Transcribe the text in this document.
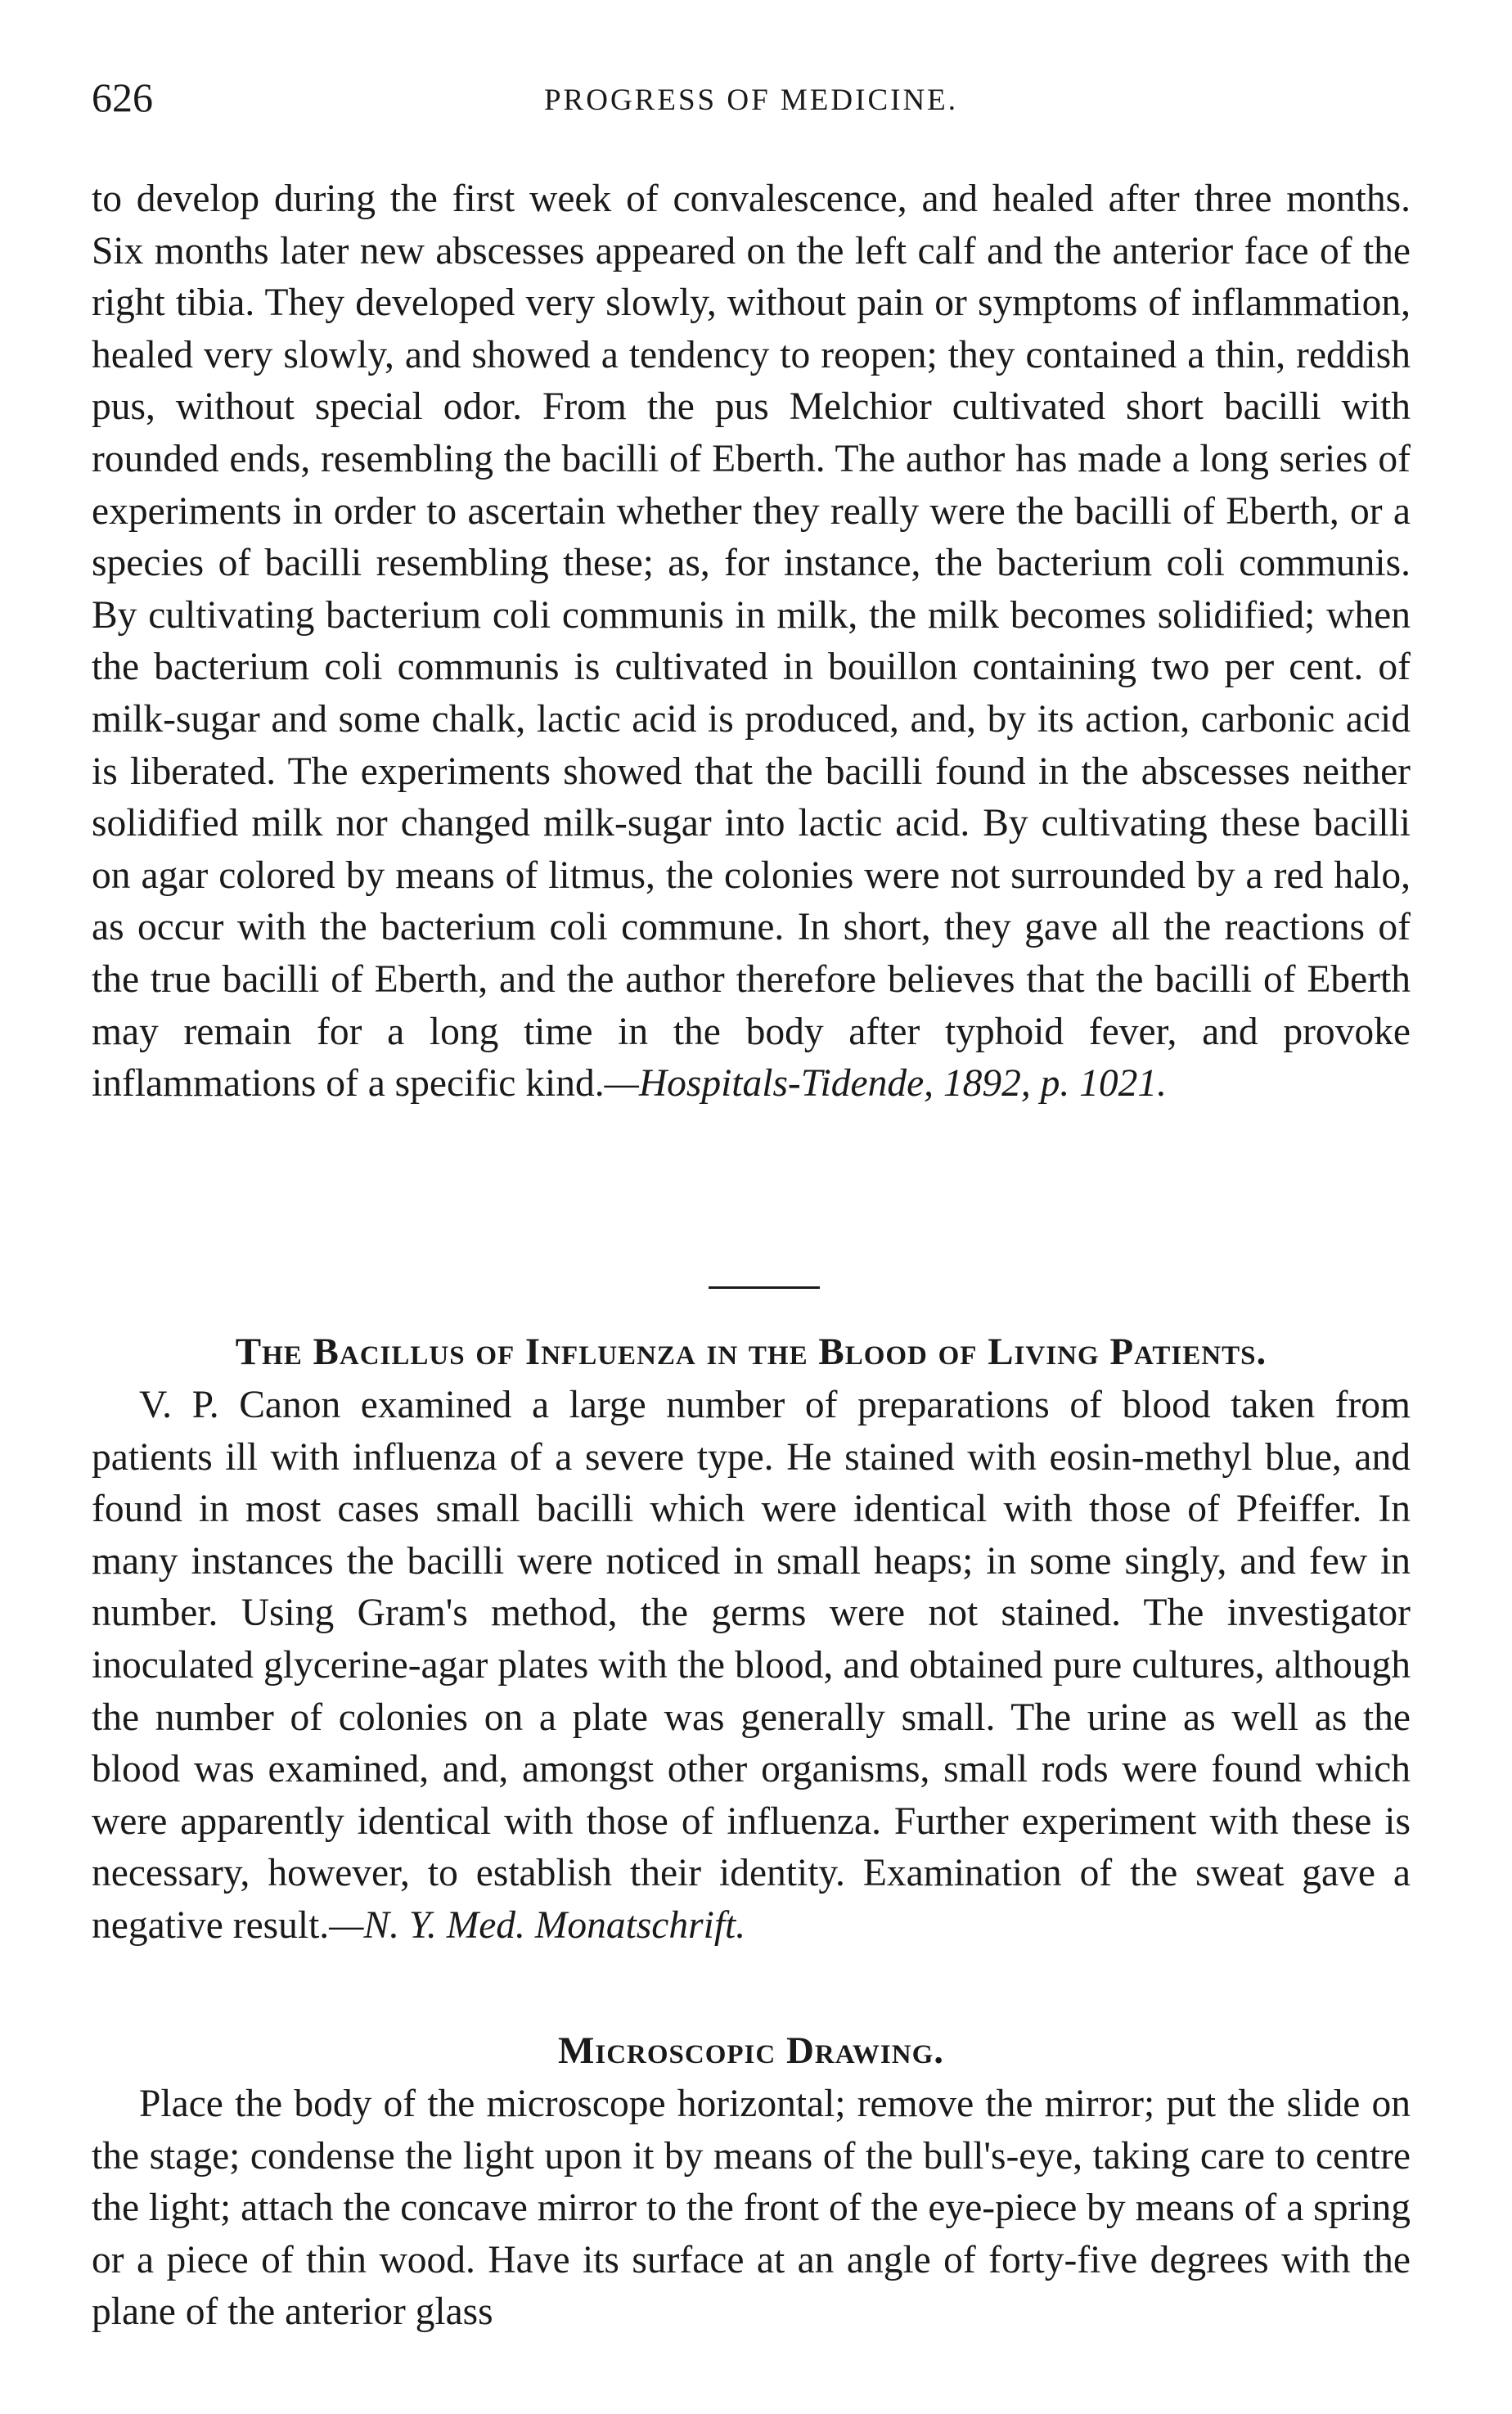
626	PROGRESS OF MEDICINE.

to develop during the first week of convalescence, and healed after three months. Six months later new abscesses appeared on the left calf and the anterior face of the right tibia. They developed very slowly, without pain or symptoms of inflammation, healed very slowly, and showed a tendency to reopen; they contained a thin, reddish pus, without special odor. From the pus Melchior cultivated short bacilli with rounded ends, resembling the bacilli of Eberth. The author has made a long series of experiments in order to ascertain whether they really were the bacilli of Eberth, or a species of bacilli resembling these; as, for instance, the bacterium coli communis. By cultivating bacterium coli communis in milk, the milk becomes solidified; when the bacterium coli communis is cultivated in bouillon containing two per cent. of milk-sugar and some chalk, lactic acid is produced, and, by its action, carbonic acid is liberated. The experiments showed that the bacilli found in the abscesses neither solidified milk nor changed milk-sugar into lactic acid. By cultivating these bacilli on agar colored by means of litmus, the colonies were not surrounded by a red halo, as occur with the bacterium coli commune. In short, they gave all the reactions of the true bacilli of Eberth, and the author therefore believes that the bacilli of Eberth may remain for a long time in the body after typhoid fever, and provoke inflammations of a specific kind.—Hospitals-Tidende, 1892, p. 1021.

The Bacillus of Influenza in the Blood of Living Patients.

V. P. Canon examined a large number of preparations of blood taken from patients ill with influenza of a severe type. He stained with eosin-methyl blue, and found in most cases small bacilli which were identical with those of Pfeiffer. In many instances the bacilli were noticed in small heaps; in some singly, and few in number. Using Gram's method, the germs were not stained. The investigator inoculated glycerine-agar plates with the blood, and obtained pure cultures, although the number of colonies on a plate was generally small. The urine as well as the blood was examined, and, amongst other organisms, small rods were found which were apparently identical with those of influenza. Further experiment with these is necessary, however, to establish their identity. Examination of the sweat gave a negative result.—N. Y. Med. Monatschrift.

Microscopic Drawing.

Place the body of the microscope horizontal; remove the mirror; put the slide on the stage; condense the light upon it by means of the bull's-eye, taking care to centre the light; attach the concave mirror to the front of the eye-piece by means of a spring or a piece of thin wood. Have its surface at an angle of forty-five degrees with the plane of the anterior glass
